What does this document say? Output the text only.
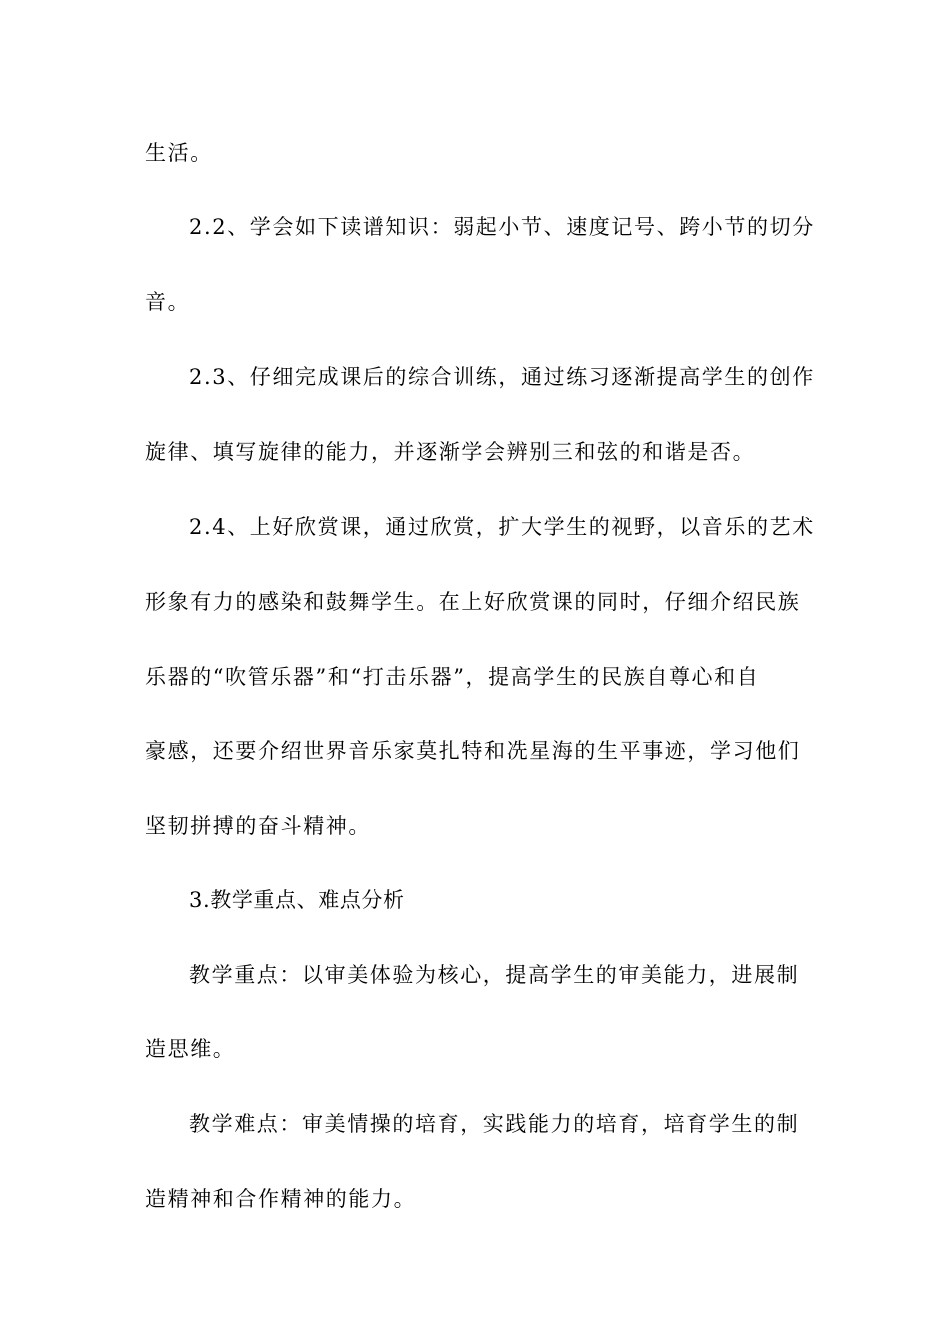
生活。
2.2、学会如下读谱知识：弱起小节、速度记号、跨小节的切分
音。
2.3、仔细完成课后的综合训练，通过练习逐渐提高学生的创作
旋律、填写旋律的能力，并逐渐学会辨别三和弦的和谐是否。
2.4、上好欣赏课，通过欣赏，扩大学生的视野，以音乐的艺术
形象有力的感染和鼓舞学生。在上好欣赏课的同时，仔细介绍民族
乐器的“吹管乐器”和“打击乐器”，提高学生的民族自尊心和自
豪感，还要介绍世界音乐家莫扎特和冼星海的生平事迹，学习他们
坚韧拼搏的奋斗精神。
3.教学重点、难点分析
教学重点：以审美体验为核心，提高学生的审美能力，进展制
造思维。
教学难点：审美情操的培育，实践能力的培育，培育学生的制
造精神和合作精神的能力。
